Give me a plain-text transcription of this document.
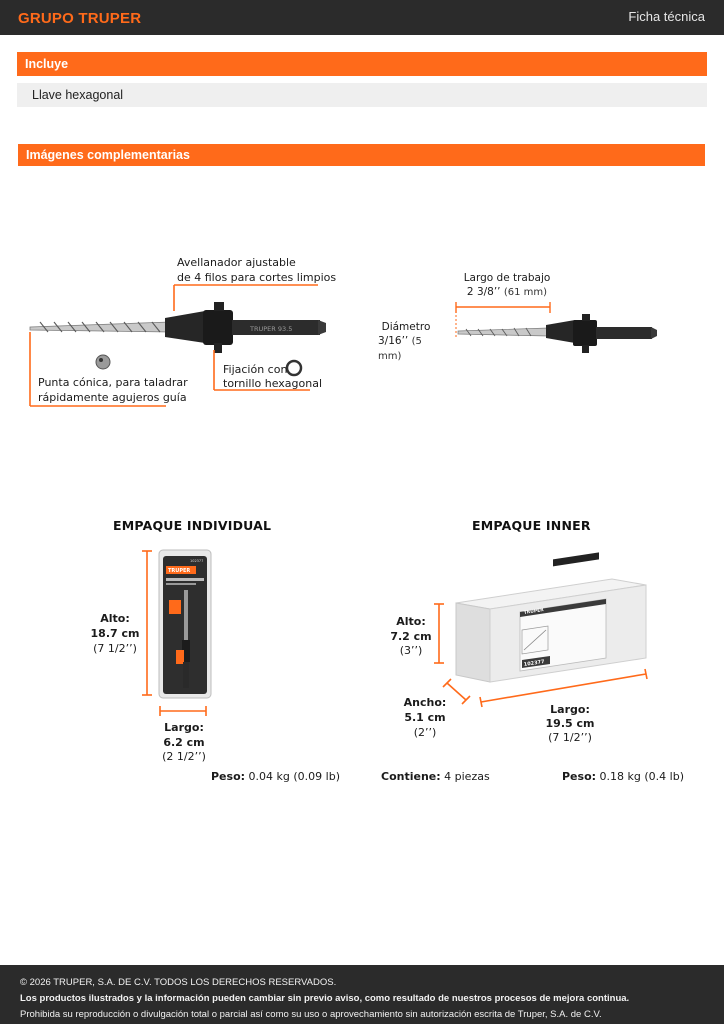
GRUPO TRUPER	Ficha técnica
Incluye
Llave hexagonal
Imágenes complementarias
TRUPER 93.5
Avellanador ajustable
de 4 filos para cortes limpios
Punta cónica, para taladrar
rápidamente agujeros guía
Fijación con
tornillo hexagonal
Largo de trabajo
2 3/8’’ (61 mm)
Diámetro
3/16’’ (5 mm)
EMPAQUE INDIVIDUAL
TRUPER
102377
Alto:
18.7 cm
(7 1/2’’)
Largo:
6.2 cm
(2 1/2’’)
Peso: 0.04 kg (0.09 lb)
EMPAQUE INNER
TRUPER
102377
Alto:
7.2 cm
(3’’)
Ancho:
5.1 cm
(2’’)
Largo:
19.5 cm
(7 1/2’’)
Contiene: 4 piezas	Peso: 0.18 kg (0.4 lb)
© 2026 TRUPER, S.A. DE C.V. TODOS LOS DERECHOS RESERVADOS.
Los productos ilustrados y la información pueden cambiar sin previo aviso, como resultado de nuestros procesos de mejora continua.
Prohibida su reproducción o divulgación total o parcial así como su uso o aprovechamiento sin autorización escrita de Truper, S.A. de C.V.
